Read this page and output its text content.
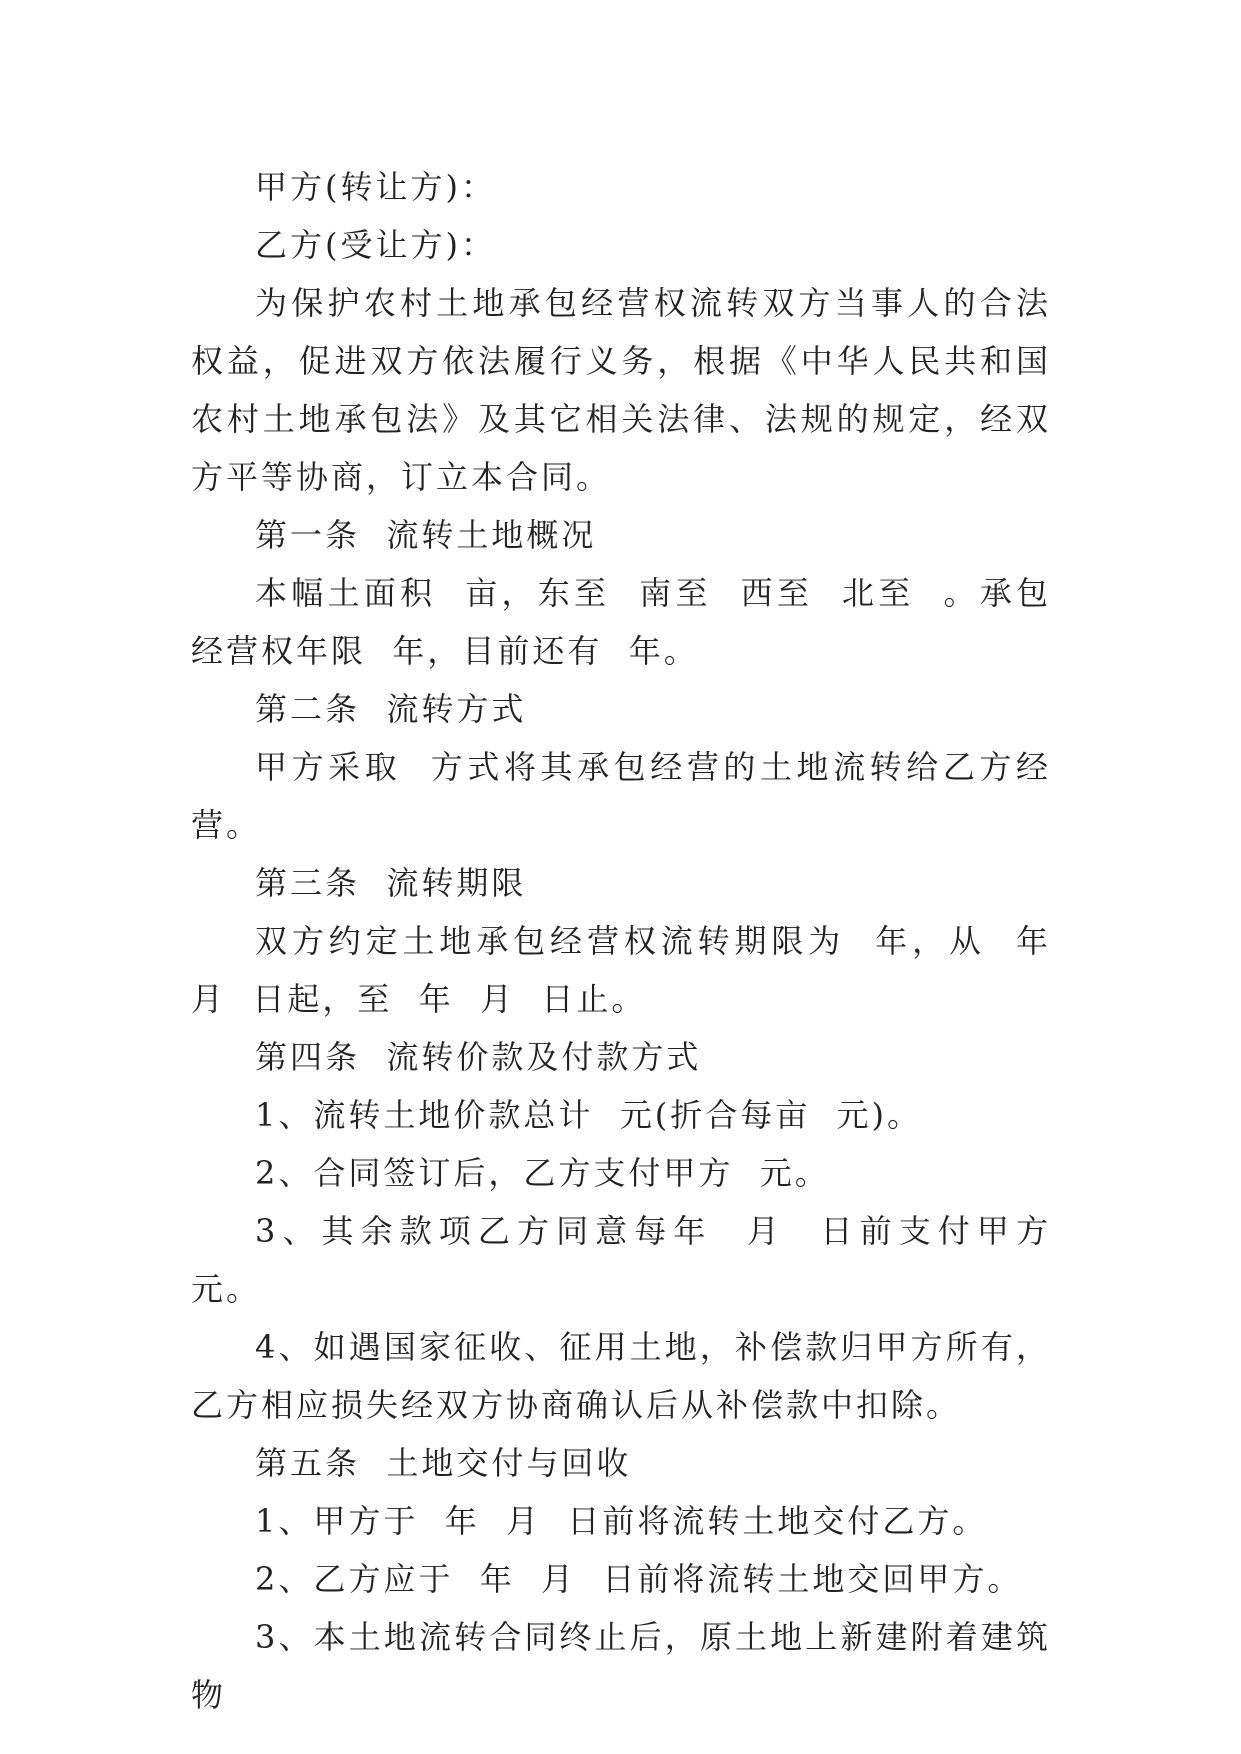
甲方(转让方)：

乙方(受让方)：

为保护农村土地承包经营权流转双方当事人的合法权益，促进双方依法履行义务，根据《中华人民共和国农村土地承包法》及其它相关法律、法规的规定，经双方平等协商，订立本合同。

第一条  流转土地概况

本幅土面积  亩，东至  南至  西至  北至  。承包经营权年限  年，目前还有  年。

第二条  流转方式

甲方采取  方式将其承包经营的土地流转给乙方经营。

第三条  流转期限

双方约定土地承包经营权流转期限为  年，从  年  月  日起，至  年  月  日止。

第四条  流转价款及付款方式

1、流转土地价款总计  元(折合每亩  元)。

2、合同签订后，乙方支付甲方  元。

3、其余款项乙方同意每年  月  日前支付甲方  元。

4、如遇国家征收、征用土地，补偿款归甲方所有，乙方相应损失经双方协商确认后从补偿款中扣除。

第五条  土地交付与回收

1、甲方于  年  月  日前将流转土地交付乙方。

2、乙方应于  年  月  日前将流转土地交回甲方。

3、本土地流转合同终止后，原土地上新建附着建筑物
